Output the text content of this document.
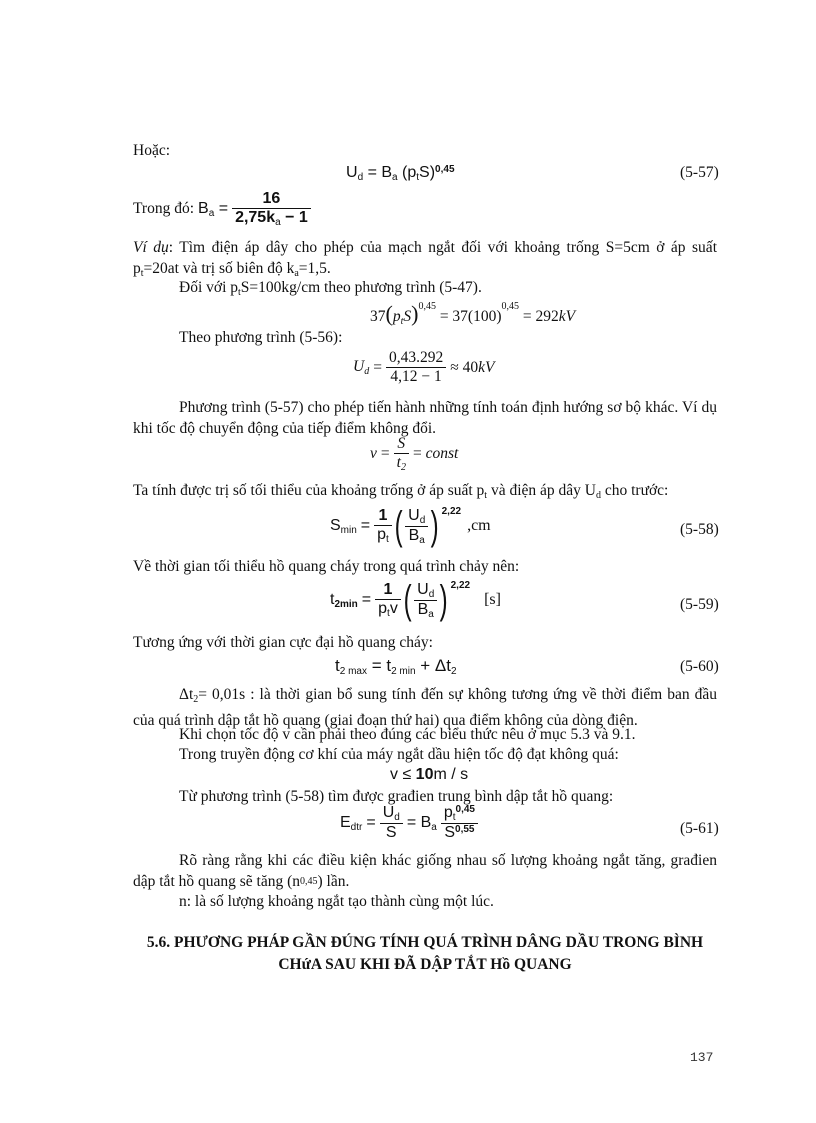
Hoặc:
$U_d = B_a$ $(p_tS)^{0,45}$	(5-57)
Trong đó: $B_a = \frac{16}{2,75k_a - 1}$
Ví dụ: Tìm điện áp dây cho phép của mạch ngắt đối với khoảng trống S=5cm ở áp suất $p_t=20at$ và trị số biên độ $k_a=1,5$.
Đối với $p_tS=100kg/cm$ theo phương trình (5-47).
$37(p_tS)^{0,45} = 37(100)^{0,45} = 292kV$
Theo phương trình (5-56):
$U_d = \frac{0,43.292}{4,12 - 1} \approx 40kV$
Phương trình (5-57) cho phép tiến hành những tính toán định hướng sơ bộ khác. Ví dụ khi tốc độ chuyển động của tiếp điểm không đổi.
$v = \frac{S}{t_2}$ = const
Ta tính được trị số tối thiểu của khoảng trống ở áp suất $p_t$ và điện áp dây $U_d$ cho trước:
$S_{min} = \frac{1}{p_t}$ ( $\frac{U_d}{B_a}$ ) 2,22
,cm	(5-58)
Về thời gian tối thiểu hồ quang cháy trong quá trình chảy nên:
$t_{2min} = \frac{1}{p_tv}$ ( $\frac{U_d}{B_a}$ ) 2,22
[s]	(5-59)
Tương ứng với thời gian cực đại hồ quang cháy:
$t_{2 max} = t_{2 min} + \Delta t_2$	(5-60)
$\Delta t_2= 0,01s$ : là thời gian bổ sung tính đến sự không tương ứng về thời điểm ban đầu của quá trình dập tắt hồ quang (giai đoạn thứ hai) qua điểm không của dòng điện.
Khi chọn tốc độ v cần phải theo đúng các biểu thức nêu ở mục 5.3 và 9.1.
Trong truyền động cơ khí của máy ngắt dầu hiện tốc độ đạt không quá:
v ≤ 10m / s
Từ phương trình (5-58) tìm được građien trung bình dập tắt hồ quang:
$E_{dtr} = \frac{U_d}{S} = B_a \frac{p_t^{0,45}}{S^{0,55}}$	(5-61)
Rõ ràng rằng khi các điều kiện khác giống nhau số lượng khoảng ngắt tăng, građien dập tắt hồ quang sẽ tăng $(n^{0,45})$ lần.
n: là số lượng khoảng ngắt tạo thành cùng một lúc.
5.6. PHƯƠNG PHÁP GẦN ĐÚNG TÍNH QUÁ TRÌNH DÂNG DẦU TRONG BÌNH
CHứA SAU KHI ĐÃ DẬP TẮT Hồ QUANG
137
